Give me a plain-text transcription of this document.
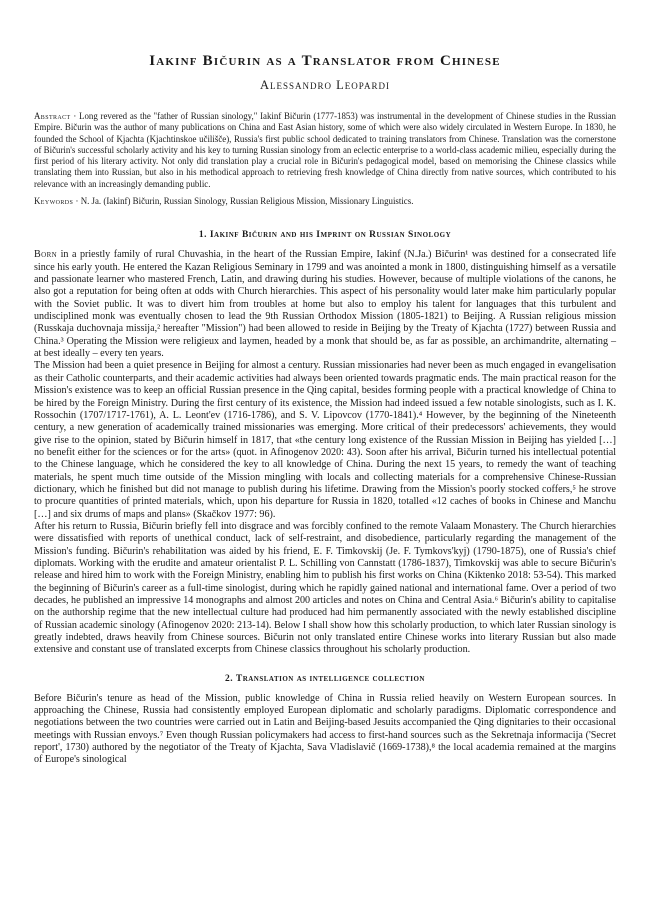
Iakinf Bičurin as a Translator from Chinese
Alessandro Leopardi

Abstract · Long revered as the "father of Russian sinology," Iakinf Bičurin (1777-1853) was instrumental in the development of Chinese studies in the Russian Empire. Bičurin was the author of many publications on China and East Asian history, some of which were also widely circulated in Western Europe. In 1830, he founded the School of Kjachta (Kjachtinskoe učilišče), Russia's first public school dedicated to training translators from Chinese. Translation was the cornerstone of Bičurin's successful scholarly activity and his key to turning Russian sinology from an eclectic enterprise to a world-class academic milieu, especially during the first period of his literary activity. Not only did translation play a crucial role in Bičurin's pedagogical model, based on memorising the Chinese classics while translating them into Russian, but also in his methodical approach to retrieving fresh knowledge of China directly from native sources, which contributed to his relevance with an increasingly demanding public.

Keywords · N. Ja. (Iakinf) Bičurin, Russian Sinology, Russian Religious Mission, Missionary Linguistics.

1. Iakinf Bičurin and his Imprint on Russian Sinology

Born in a priestly family of rural Chuvashia, in the heart of the Russian Empire, Iakinf (N.Ja.) Bičurin¹ was destined for a consecrated life since his early youth. He entered the Kazan Religious Seminary in 1799 and was anointed a monk in 1800, distinguishing himself as a versatile and passionate learner who mastered French, Latin, and drawing during his studies. However, because of multiple violations of the canons, he also got a reputation for being often at odds with Church hierarchies. This aspect of his personality would later make him particularly popular with the Soviet public. It was to divert him from troubles at home but also to employ his talent for languages that this turbulent and undisciplined monk was eventually chosen to lead the 9th Russian Orthodox Mission (1805-1821) to Beijing. A Russian religious mission (Russkaja duchovnaja missija,² hereafter "Mission") had been allowed to reside in Beijing by the Treaty of Kjachta (1727) between Russia and China.³ Operating the Mission were religieux and laymen, headed by a monk that should be, as far as possible, an archimandrite, alternating – at best ideally – every ten years.

The Mission had been a quiet presence in Beijing for almost a century. Russian missionaries had never been as much engaged in evangelisation as their Catholic counterparts, and their academic activities had always been oriented towards pragmatic ends. The main practical reason for the Mission's existence was to keep an official Russian presence in the Qing capital, besides forming people with a practical knowledge of China to be hired by the Foreign Ministry. During the first century of its existence, the Mission had indeed issued a few notable sinologists, such as I. K. Rossochin (1707/1717-1761), A. L. Leont'ev (1716-1786), and S. V. Lipovcov (1770-1841).⁴ However, by the beginning of the Nineteenth century, a new generation of academically trained missionaries was emerging. More critical of their predecessors' achievements, they would give rise to the opinion, stated by Bičurin himself in 1817, that «the century long existence of the Russian Mission in Beijing has yielded […] no benefit either for the sciences or for the arts» (quot. in Afinogenov 2020: 43). Soon after his arrival, Bičurin turned his intellectual potential to the Chinese language, which he considered the key to all knowledge of China. During the next 15 years, to remedy the want of teaching materials, he spent much time outside of the Mission mingling with locals and collecting materials for a comprehensive Chinese-Russian dictionary, which he finished but did not manage to publish during his lifetime. Drawing from the Mission's poorly stocked coffers,⁵ he strove to procure quantities of printed materials, which, upon his departure for Russia in 1820, totalled «12 caches of books in Chinese and Manchu […] and six drums of maps and plans» (Skačkov 1977: 96).

After his return to Russia, Bičurin briefly fell into disgrace and was forcibly confined to the remote Valaam Monastery. The Church hierarchies were dissatisfied with reports of unethical conduct, lack of self-restraint, and disobedience, particularly regarding the management of the Mission's funding. Bičurin's rehabilitation was aided by his friend, E. F. Timkovskij (Je. F. Tymkovs'kyj) (1790-1875), one of Russia's chief diplomats. Working with the erudite and amateur orientalist P. L. Schilling von Cannstatt (1786-1837), Timkovskij was able to secure Bičurin's release and hired him to work with the Foreign Ministry, enabling him to publish his first works on China (Kiktenko 2018: 53-54). This marked the beginning of Bičurin's career as a full-time sinologist, during which he rapidly gained national and international fame. Over a period of two decades, he published an impressive 14 monographs and almost 200 articles and notes on China and Central Asia.⁶ Bičurin's ability to capitalise on the authorship regime that the new intellectual culture had produced had him permanently associated with the newly established discipline of Russian academic sinology (Afinogenov 2020: 213-14). Below I shall show how this scholarly production, to which later Russian sinology is greatly indebted, draws heavily from Chinese sources. Bičurin not only translated entire Chinese works into literary Russian but also made extensive and constant use of translated excerpts from Chinese classics throughout his scholarly production.

2. Translation as intelligence collection

Before Bičurin's tenure as head of the Mission, public knowledge of China in Russia relied heavily on Western European sources. In approaching the Chinese, Russia had consistently employed European diplomatic and scholarly paradigms. Diplomatic correspondence and negotiations between the two countries were carried out in Latin and Beijing-based Jesuits accompanied the Qing dignitaries to their occasional meetings with Russian envoys.⁷ Even though Russian policymakers had access to first-hand sources such as the Sekretnaja informacija ('Secret report', 1730) authored by the negotiator of the Treaty of Kjachta, Sava Vladislavič (1669-1738),⁸ the local academia remained at the margins of Europe's sinological
